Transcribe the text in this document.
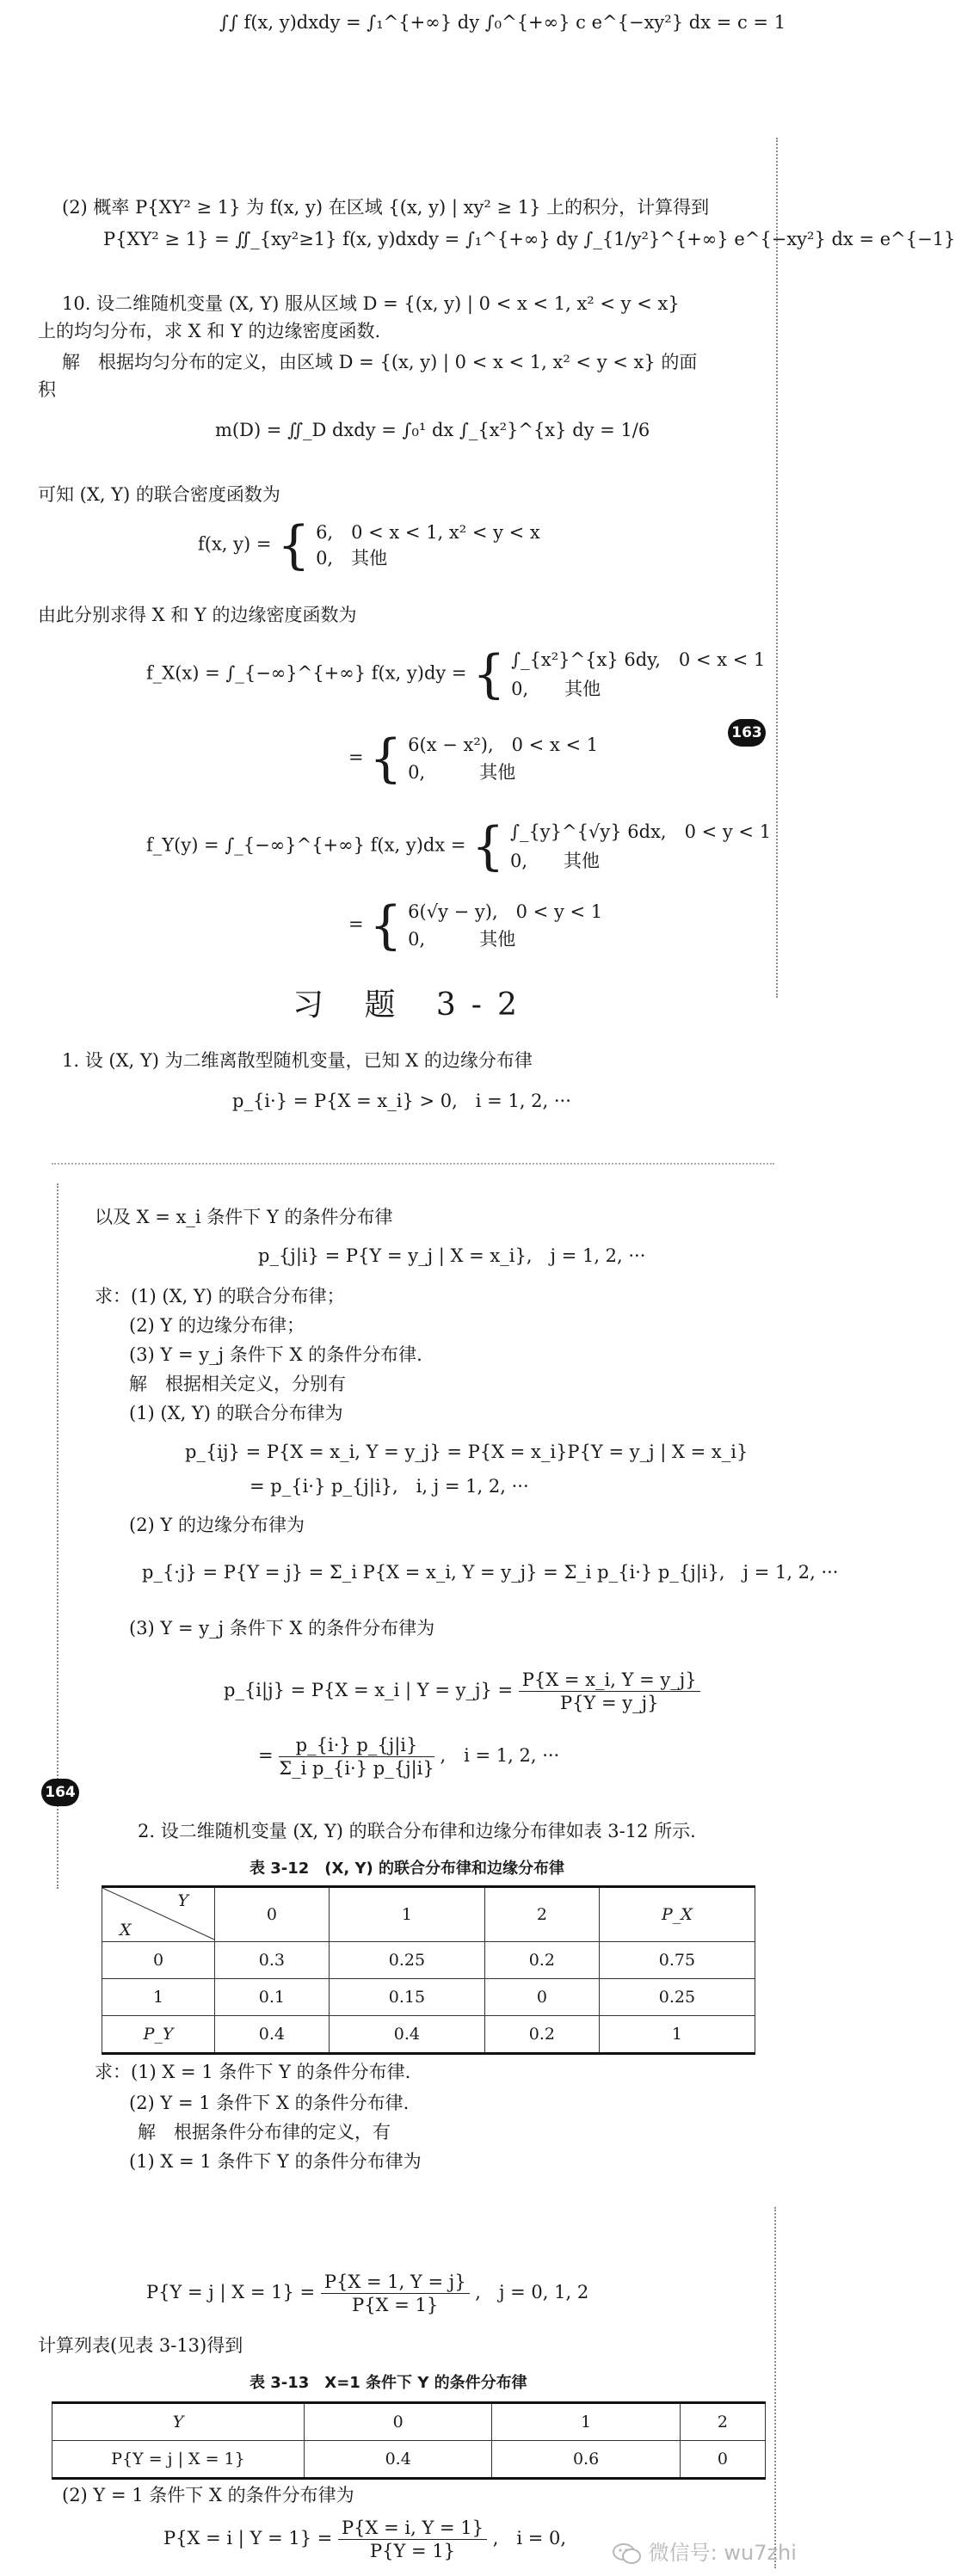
∫∫ f(x, y)dxdy = ∫₁^{+∞} dy ∫₀^{+∞} c e^{−xy²} dx = c = 1
(2) 概率 P{XY² ≥ 1} 为 f(x, y) 在区域 {(x, y) | xy² ≥ 1} 上的积分，计算得到
P{XY² ≥ 1} = ∬_{xy²≥1} f(x, y)dxdy = ∫₁^{+∞} dy ∫_{1/y²}^{+∞} e^{−xy²} dx = e^{−1}
10. 设二维随机变量 (X, Y) 服从区域 D = {(x, y) | 0 < x < 1, x² < y < x}
上的均匀分布，求 X 和 Y 的边缘密度函数.
解　根据均匀分布的定义，由区域 D = {(x, y) | 0 < x < 1, x² < y < x} 的面
积
m(D) = ∬_D dxdy = ∫₀¹ dx ∫_{x²}^{x} dy = 1/6
可知 (X, Y) 的联合密度函数为
f(x, y) = { 6,　0 < x < 1, x² < y < x
0,　其他
由此分别求得 X 和 Y 的边缘密度函数为
f_X(x) = ∫_{−∞}^{+∞} f(x, y)dy = { ∫_{x²}^{x} 6dy,　0 < x < 1
0,　　其他
= { 6(x − x²),　0 < x < 1
0,　　　其他
f_Y(y) = ∫_{−∞}^{+∞} f(x, y)dx = { ∫_{y}^{√y} 6dx,　0 < y < 1
0,　　其他
= { 6(√y − y),　0 < y < 1
0,　　　其他
163
习 题 3-2
1. 设 (X, Y) 为二维离散型随机变量，已知 X 的边缘分布律
p_{i·} = P{X = x_i} > 0,　i = 1, 2, ···
164
以及 X = x_i 条件下 Y 的条件分布律
p_{j|i} = P{Y = y_j | X = x_i},　j = 1, 2, ···
求：(1) (X, Y) 的联合分布律；
(2) Y 的边缘分布律；
(3) Y = y_j 条件下 X 的条件分布律.
解　根据相关定义，分别有
(1) (X, Y) 的联合分布律为
p_{ij} = P{X = x_i, Y = y_j} = P{X = x_i}P{Y = y_j | X = x_i}
= p_{i·} p_{j|i},　i, j = 1, 2, ···
(2) Y 的边缘分布律为
p_{·j} = P{Y = j} = Σ_i P{X = x_i, Y = y_j} = Σ_i p_{i·} p_{j|i},　j = 1, 2, ···
(3) Y = y_j 条件下 X 的条件分布律为
p_{i|j} = P{X = x_i | Y = y_j} = $\frac{P\{X = x\_i, Y = y\_j\}}{P\{Y = y\_j\}}$
= $\frac{p\_\{i\cdot\} p\_\{j|i\}}{\text{Σ\_i p\_\{i·\} p\_\{j|i\}}}$ ,　i = 1, 2, ···
2. 设二维随机变量 (X, Y) 的联合分布律和边缘分布律如表 3-12 所示.
表 3-12　(X, Y) 的联合分布律和边缘分布律
Y
X	0	1	2	P_X
0	0.3	0.25	0.2	0.75
1	0.1	0.15	0	0.25
P_Y	0.4	0.4	0.2	1
求：(1) X = 1 条件下 Y 的条件分布律.
(2) Y = 1 条件下 X 的条件分布律.
解　根据条件分布律的定义，有
(1) X = 1 条件下 Y 的条件分布律为
P{Y = j | $X = 1\} = \frac{P\{X = 1, Y = j\}}{P\{X = 1\}}$ ,　j = 0, 1, 2
计算列表(见表 3-13)得到
表 3-13　X=1 条件下 Y 的条件分布律
Y	0	1	2
P{Y = j | X = 1}	0.4	0.6	0
(2) Y = 1 条件下 X 的条件分布律为
P{X = i | $Y = 1\} = \frac{P\{X = i, Y = 1\}}{P\{Y = 1\}}$ ,　i = 0,
微信号: wu7zhi
